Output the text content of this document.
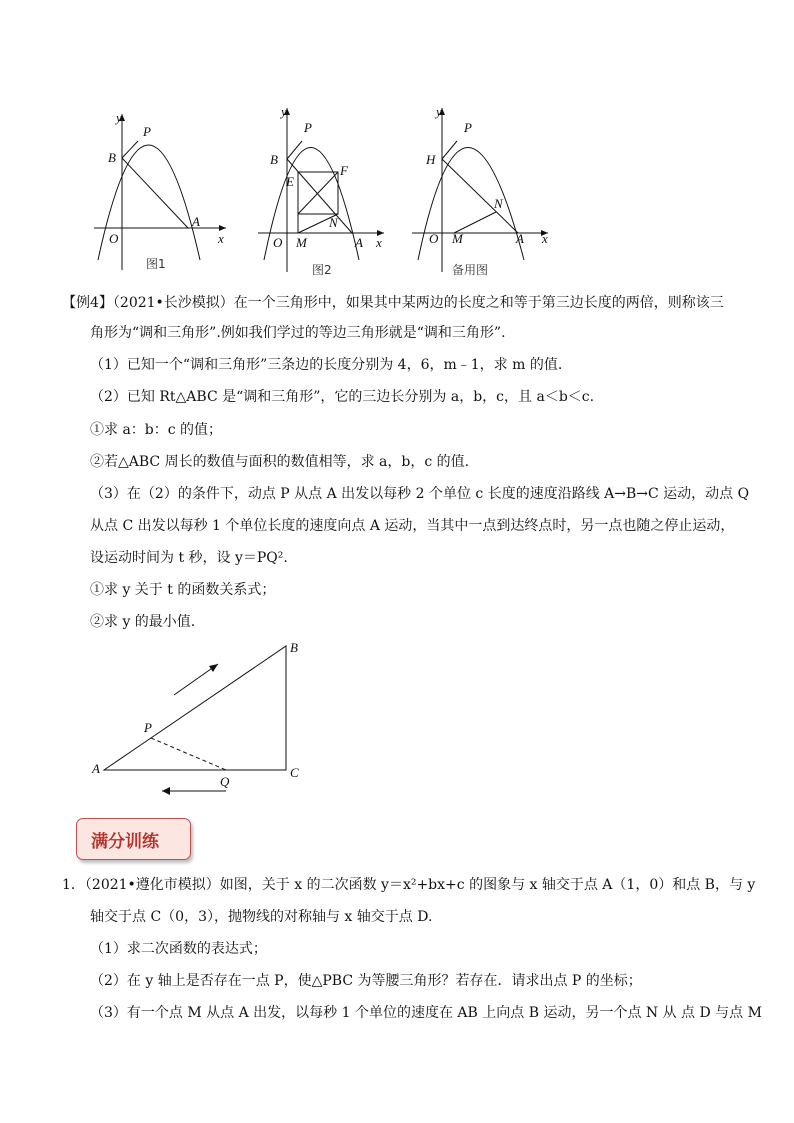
y
x
O
P
B
A
图1
y
x
O
P
B
E
F
N
M	A
图2
y
x
O
P
H
N
M	A
备用图
【例4】（2021•长沙模拟）在一个三角形中，如果其中某两边的长度之和等于第三边长度的两倍，则称该三
角形为“调和三角形”.例如我们学过的等边三角形就是“调和三角形”.
（1）已知一个“调和三角形”三条边的长度分别为 4，6，m﹣1，求 m 的值.
（2）已知 Rt△ABC 是“调和三角形”，它的三边长分别为 a，b，c，且 a＜b＜c.
①求 a：b：c 的值；
②若△ABC 周长的数值与面积的数值相等，求 a，b，c 的值.
（3）在（2）的条件下，动点 P 从点 A 出发以每秒 2 个单位 c 长度的速度沿路线 A→B→C 运动，动点 Q
从点 C 出发以每秒 1 个单位长度的速度向点 A 运动，当其中一点到达终点时，另一点也随之停止运动，
设运动时间为 t 秒，设 y＝PQ².
①求 y 关于 t 的函数关系式；
②求 y 的最小值.
A
B
C
P
Q
满分训练
1．（2021•遵化市模拟）如图，关于 x 的二次函数 y＝x²+bx+c 的图象与 x 轴交于点 A（1，0）和点 B，与 y
轴交于点 C（0，3），抛物线的对称轴与 x 轴交于点 D.
（1）求二次函数的表达式；
（2）在 y 轴上是否存在一点 P，使△PBC 为等腰三角形？若存在．请求出点 P 的坐标；
（3）有一个点 M 从点 A 出发，以每秒 1 个单位的速度在 AB 上向点 B 运动，另一个点 N 从 点 D 与点 M
